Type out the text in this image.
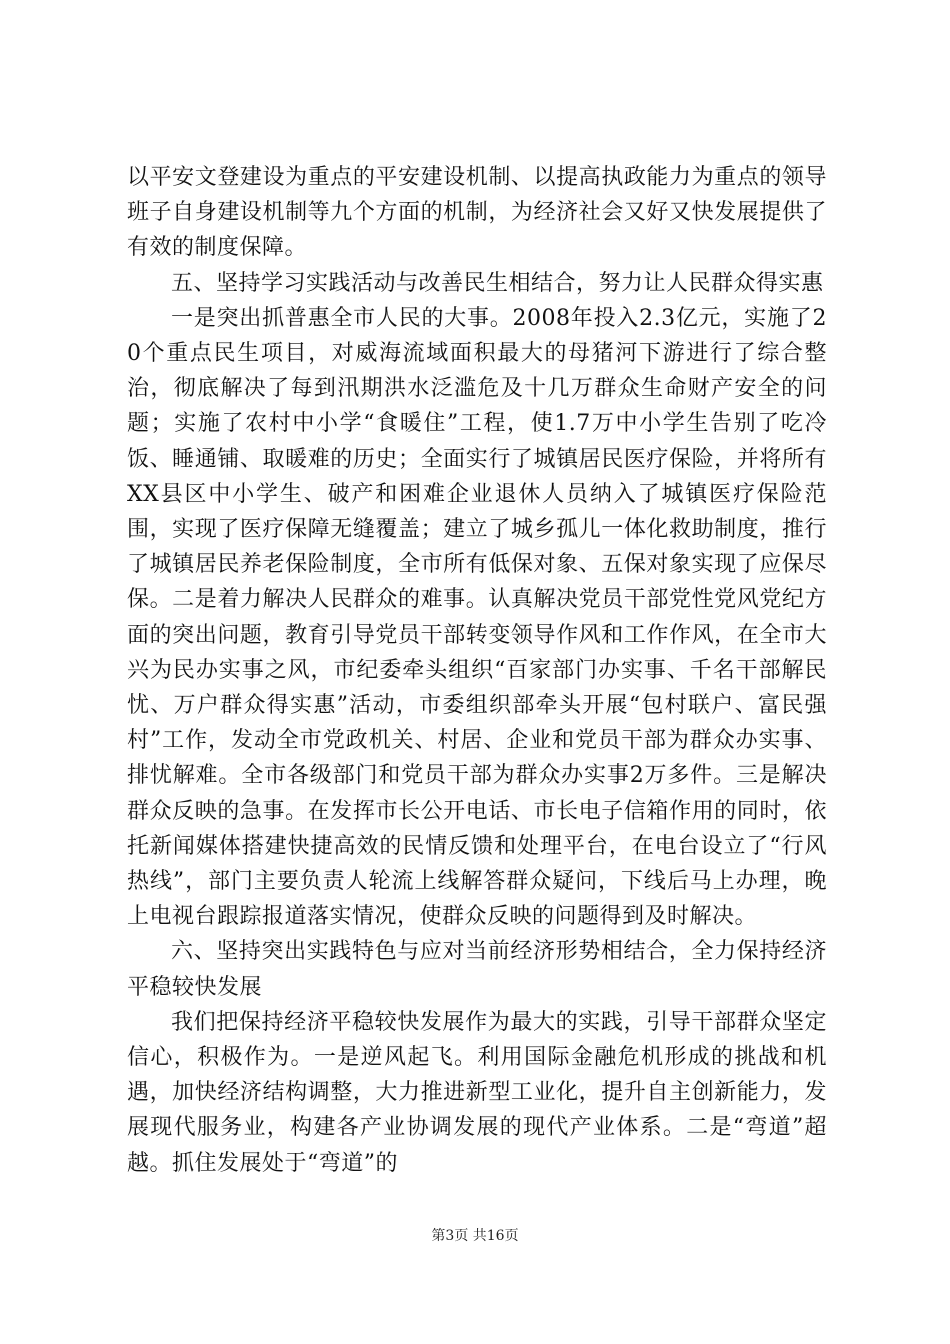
以平安文登建设为重点的平安建设机制、以提高执政能力为重点的领导班子自身建设机制等九个方面的机制，为经济社会又好又快发展提供了有效的制度保障。

五、坚持学习实践活动与改善民生相结合，努力让人民群众得实惠

一是突出抓普惠全市人民的大事。2008年投入2.3亿元，实施了20个重点民生项目，对威海流域面积最大的母猪河下游进行了综合整治，彻底解决了每到汛期洪水泛滥危及十几万群众生命财产安全的问题；实施了农村中小学“食暖住”工程，使1.7万中小学生告别了吃冷饭、睡通铺、取暖难的历史；全面实行了城镇居民医疗保险，并将所有XX县区中小学生、破产和困难企业退休人员纳入了城镇医疗保险范围，实现了医疗保障无缝覆盖；建立了城乡孤儿一体化救助制度，推行了城镇居民养老保险制度，全市所有低保对象、五保对象实现了应保尽保。二是着力解决人民群众的难事。认真解决党员干部党性党风党纪方面的突出问题，教育引导党员干部转变领导作风和工作作风，在全市大兴为民办实事之风，市纪委牵头组织“百家部门办实事、千名干部解民忧、万户群众得实惠”活动，市委组织部牵头开展“包村联户、富民强村”工作，发动全市党政机关、村居、企业和党员干部为群众办实事、排忧解难。全市各级部门和党员干部为群众办实事2万多件。三是解决群众反映的急事。在发挥市长公开电话、市长电子信箱作用的同时，依托新闻媒体搭建快捷高效的民情反馈和处理平台，在电台设立了“行风热线”，部门主要负责人轮流上线解答群众疑问，下线后马上办理，晚上电视台跟踪报道落实情况，使群众反映的问题得到及时解决。

六、坚持突出实践特色与应对当前经济形势相结合，全力保持经济平稳较快发展

我们把保持经济平稳较快发展作为最大的实践，引导干部群众坚定信心，积极作为。一是逆风起飞。利用国际金融危机形成的挑战和机遇，加快经济结构调整，大力推进新型工业化，提升自主创新能力，发展现代服务业，构建各产业协调发展的现代产业体系。二是“弯道”超越。抓住发展处于“弯道”的

第3页 共16页
